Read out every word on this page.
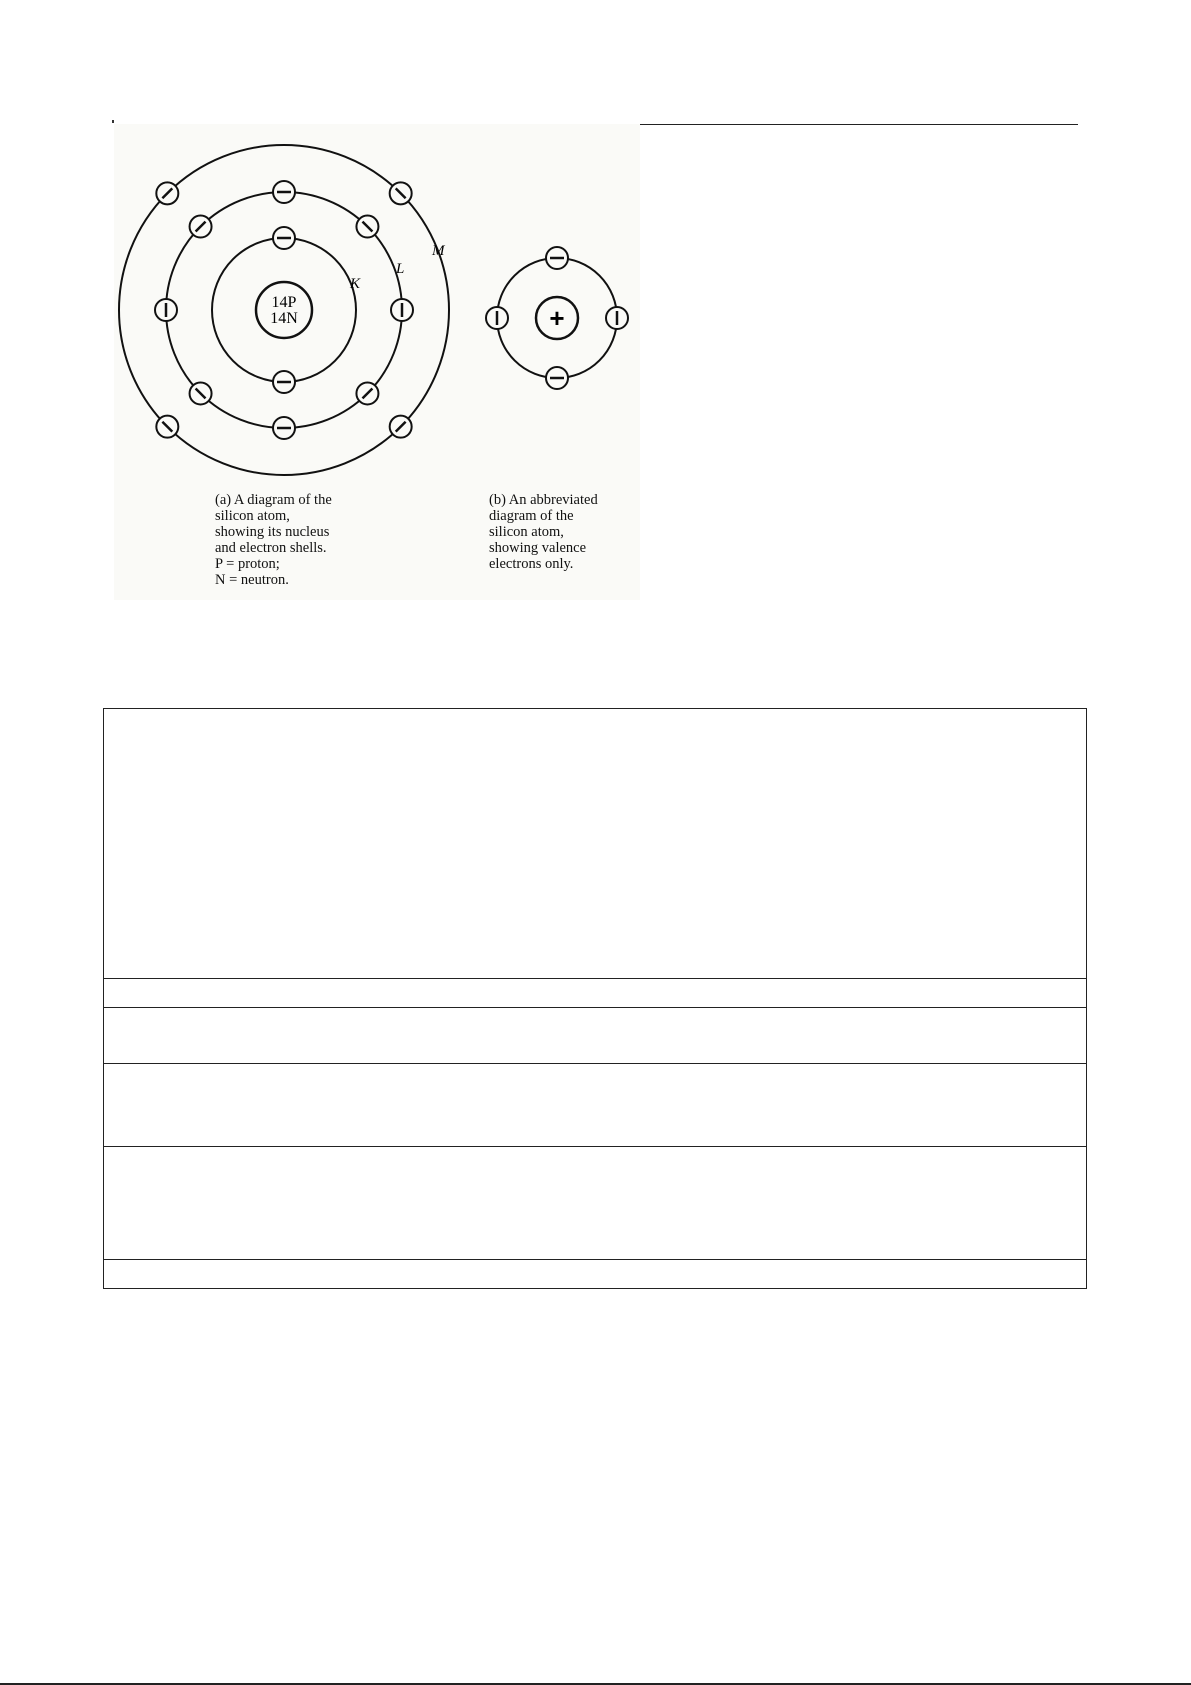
14P
14N
K
L
M
+
(a) A diagram of the
silicon atom,
showing its nucleus
and electron shells.
P = proton;
N = neutron.
(b) An abbreviated
diagram of the
silicon atom,
showing valence
electrons only.
